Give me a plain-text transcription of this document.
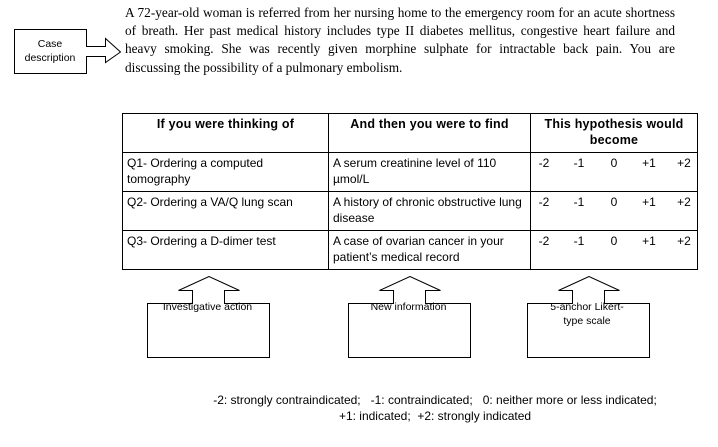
Case description
A 72-year-old woman is referred from her nursing home to the emergency room for an acute shortness of breath. Her past medical history includes type II diabetes mellitus, congestive heart failure and heavy smoking. She was recently given morphine sulphate for intractable back pain. You are discussing the possibility of a pulmonary embolism.
If you were thinking of	And then you were to find	This hypothesis would become
Q1- Ordering a computed tomography	A serum creatinine level of 110 µmol/L	-2 -1 0 +1 +2

Q2- Ordering a VA/Q lung scan	A history of chronic obstructive lung disease	-2 -1 0 +1 +2

Q3- Ordering a D-dimer test	A case of ovarian cancer in your patient’s medical record	-2 -1 0 +1 +2
Investigative action	New information	5-anchor Likert-type scale
-2: strongly contraindicated;   -1: contraindicated;   0: neither more or less indicated;
+1: indicated;  +2: strongly indicated
